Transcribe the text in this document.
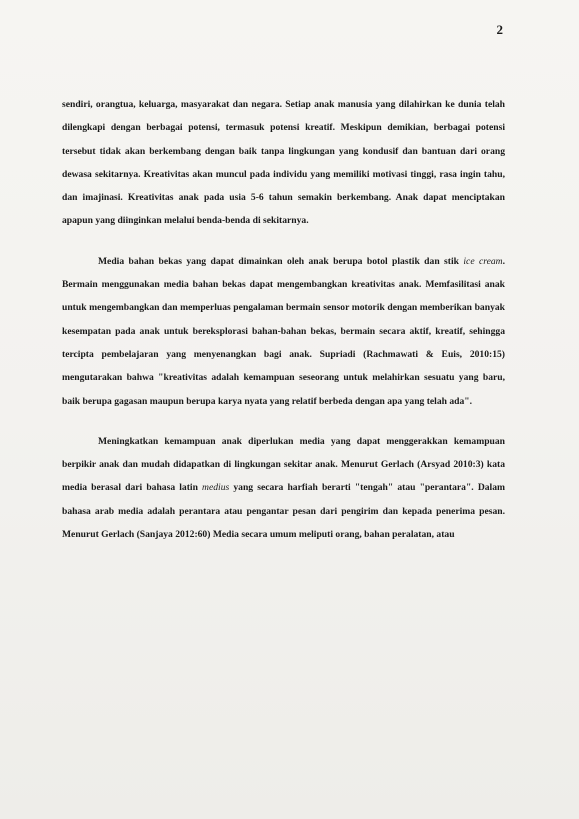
2

sendiri, orangtua, keluarga, masyarakat dan negara. Setiap anak manusia yang dilahirkan ke dunia telah dilengkapi dengan berbagai potensi, termasuk potensi kreatif. Meskipun demikian, berbagai potensi tersebut tidak akan berkembang dengan baik tanpa lingkungan yang kondusif dan bantuan dari orang dewasa sekitarnya. Kreativitas akan muncul pada individu yang memiliki motivasi tinggi, rasa ingin tahu, dan imajinasi. Kreativitas anak pada usia 5-6 tahun semakin berkembang. Anak dapat menciptakan apapun yang diinginkan melalui benda-benda di sekitarnya.

Media bahan bekas yang dapat dimainkan oleh anak berupa botol plastik dan stik ice cream. Bermain menggunakan media bahan bekas dapat mengembangkan kreativitas anak. Memfasilitasi anak untuk mengembangkan dan memperluas pengalaman bermain sensor motorik dengan memberikan banyak kesempatan pada anak untuk bereksplorasi bahan-bahan bekas, bermain secara aktif, kreatif, sehingga tercipta pembelajaran yang menyenangkan bagi anak. Supriadi (Rachmawati & Euis, 2010:15) mengutarakan bahwa "kreativitas adalah kemampuan seseorang untuk melahirkan sesuatu yang baru, baik berupa gagasan maupun berupa karya nyata yang relatif berbeda dengan apa yang telah ada".

Meningkatkan kemampuan anak diperlukan media yang dapat menggerakkan kemampuan berpikir anak dan mudah didapatkan di lingkungan sekitar anak. Menurut Gerlach (Arsyad 2010:3) kata media berasal dari bahasa latin medius yang secara harfiah berarti "tengah" atau "perantara". Dalam bahasa arab media adalah perantara atau pengantar pesan dari pengirim dan kepada penerima pesan. Menurut Gerlach (Sanjaya 2012:60) Media secara umum meliputi orang, bahan peralatan, atau
